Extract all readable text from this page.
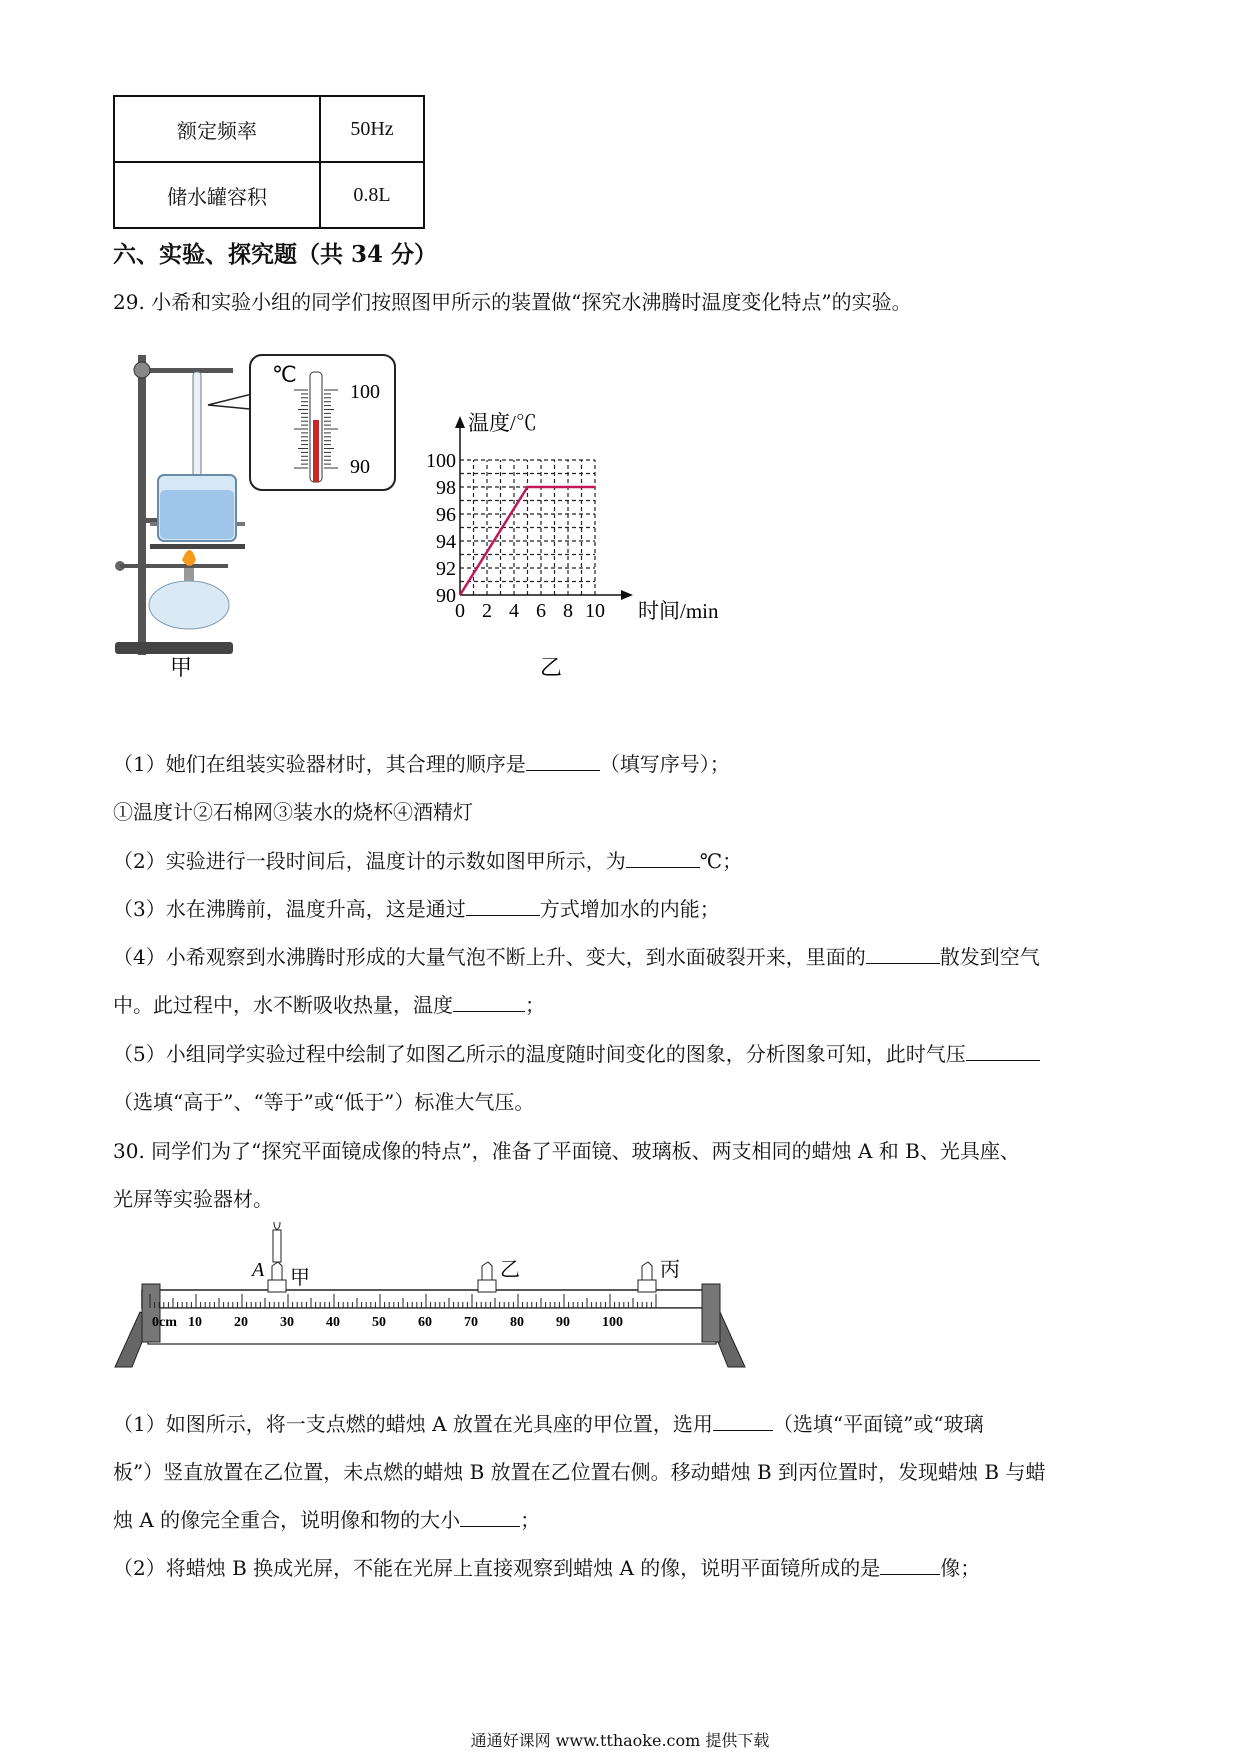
额定频率	50Hz
储水罐容积	0.8L
六、实验、探究题（共 34 分）
29. 小希和实验小组的同学们按照图甲所示的装置做“探究水沸腾时温度变化特点”的实验。
℃
100
90
甲
0 2 4 6 8 10
90
92
94
96
98
100
温度/℃
时间/min
乙
（1）她们在组装实验器材时，其合理的顺序是	（填写序号）；
①温度计②石棉网③装水的烧杯④酒精灯
（2）实验进行一段时间后，温度计的示数如图甲所示，为	℃；
（3）水在沸腾前，温度升高，这是通过	方式增加水的内能；
（4）小希观察到水沸腾时形成的大量气泡不断上升、变大，到水面破裂开来，里面的	散发到空气
中。此过程中，水不断吸收热量，温度	；
（5）小组同学实验过程中绘制了如图乙所示的温度随时间变化的图象，分析图象可知，此时气压
（选填“高于”、“等于”或“低于”）标准大气压。
30. 同学们为了“探究平面镜成像的特点”，准备了平面镜、玻璃板、两支相同的蜡烛 A 和 B、光具座、
光屏等实验器材。
0cm 10 20 30 40 50 60 70 80 90 100
A 甲	乙	丙
（1）如图所示，将一支点燃的蜡烛 A 放置在光具座的甲位置，选用	（选填“平面镜”或“玻璃
板”）竖直放置在乙位置，未点燃的蜡烛 B 放置在乙位置右侧。移动蜡烛 B 到丙位置时，发现蜡烛 B 与蜡
烛 A 的像完全重合，说明像和物的大小	；
（2）将蜡烛 B 换成光屏，不能在光屏上直接观察到蜡烛 A 的像，说明平面镜所成的是	像；
通通好课网 www.tthaoke.com 提供下载
